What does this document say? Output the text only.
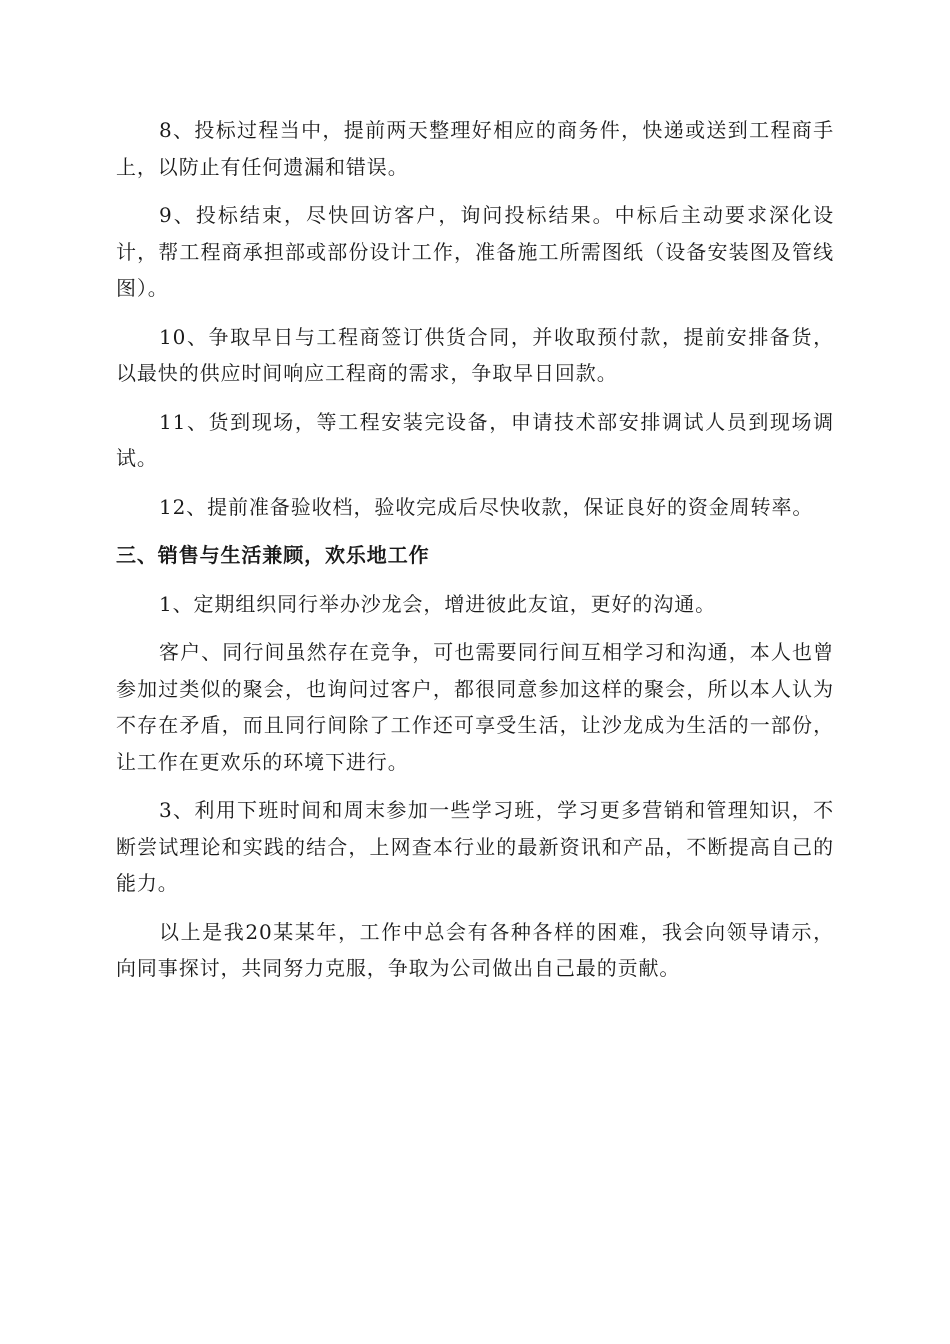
8、投标过程当中，提前两天整理好相应的商务件，快递或送到工程商手上，以防止有任何遗漏和错误。

9、投标结束，尽快回访客户，询问投标结果。中标后主动要求深化设计，帮工程商承担部或部份设计工作，准备施工所需图纸（设备安装图及管线图）。

10、争取早日与工程商签订供货合同，并收取预付款，提前安排备货，以最快的供应时间响应工程商的需求，争取早日回款。

11、货到现场，等工程安装完设备，申请技术部安排调试人员到现场调试。

12、提前准备验收档，验收完成后尽快收款，保证良好的资金周转率。

三、销售与生活兼顾，欢乐地工作

1、定期组织同行举办沙龙会，增进彼此友谊，更好的沟通。

客户、同行间虽然存在竞争，可也需要同行间互相学习和沟通，本人也曾参加过类似的聚会，也询问过客户，都很同意参加这样的聚会，所以本人认为不存在矛盾，而且同行间除了工作还可享受生活，让沙龙成为生活的一部份，让工作在更欢乐的环境下进行。

3、利用下班时间和周末参加一些学习班，学习更多营销和管理知识，不断尝试理论和实践的结合，上网查本行业的最新资讯和产品，不断提高自己的能力。

以上是我20某某年，工作中总会有各种各样的困难，我会向领导请示，向同事探讨，共同努力克服，争取为公司做出自己最的贡献。
